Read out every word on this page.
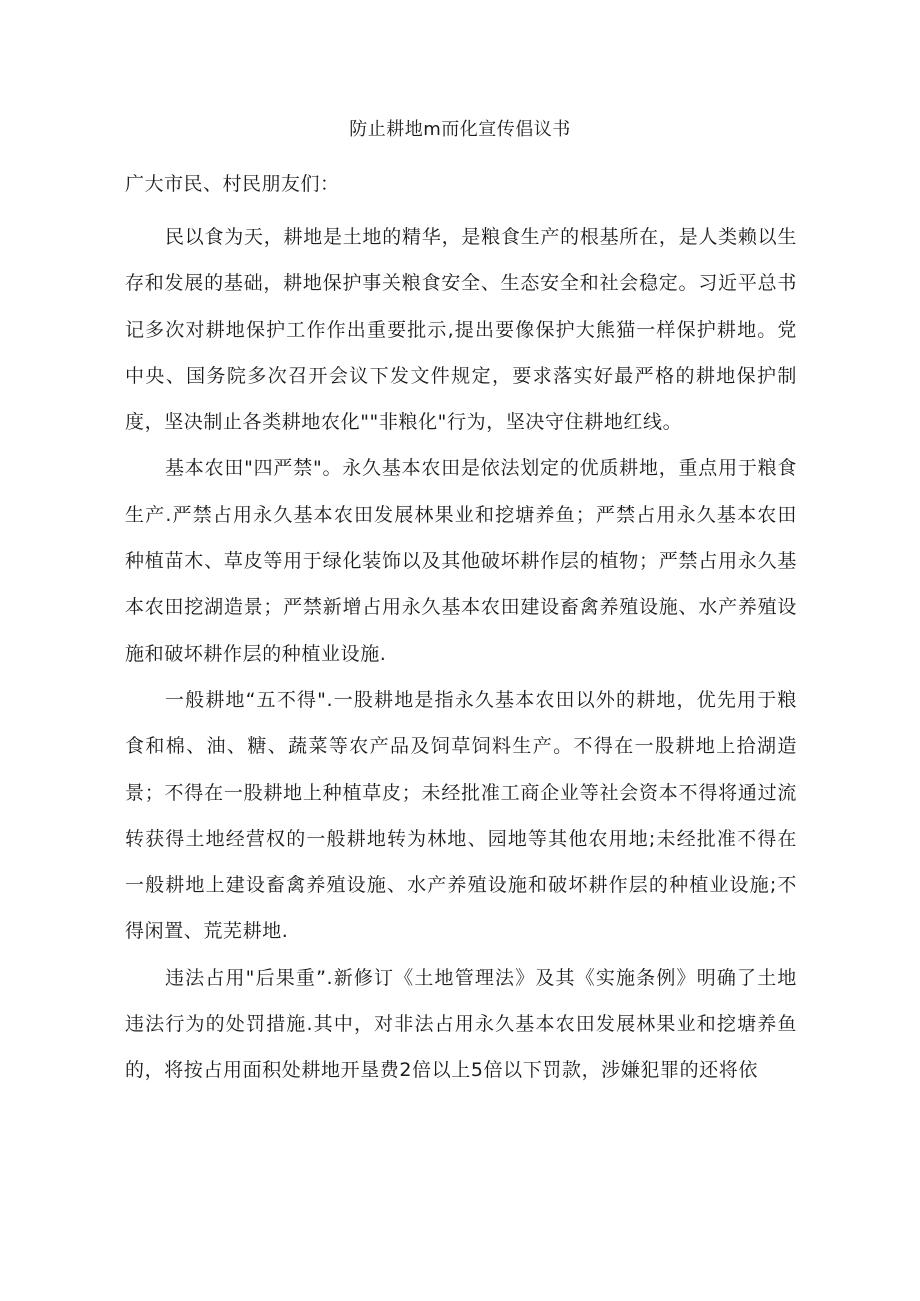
防止耕地m而化宣传倡议书

广大市民、村民朋友们：

民以食为天，耕地是土地的精华，是粮食生产的根基所在，是人类赖以生存和发展的基础，耕地保护事关粮食安全、生态安全和社会稳定。习近平总书记多次对耕地保护工作作出重要批示,提出要像保护大熊猫一样保护耕地。党中央、国务院多次召开会议下发文件规定，要求落实好最严格的耕地保护制度，坚决制止各类耕地农化""非粮化"行为，坚决守住耕地红线。

基本农田"四严禁"。永久基本农田是依法划定的优质耕地，重点用于粮食生产.严禁占用永久基本农田发展林果业和挖塘养鱼；严禁占用永久基本农田种植苗木、草皮等用于绿化装饰以及其他破坏耕作层的植物；严禁占用永久基本农田挖湖造景；严禁新增占用永久基本农田建设畜禽养殖设施、水产养殖设施和破坏耕作层的种植业设施.

一般耕地“五不得".一股耕地是指永久基本农田以外的耕地，优先用于粮食和棉、油、糖、蔬菜等农产品及饲草饲料生产。不得在一股耕地上拾湖造景；不得在一股耕地上种植草皮；未经批准工商企业等社会资本不得将通过流转获得土地经营权的一般耕地转为林地、园地等其他农用地;未经批准不得在一般耕地上建设畜禽养殖设施、水产养殖设施和破坏耕作层的种植业设施;不得闲置、荒芜耕地.

违法占用"后果重”.新修订《土地管理法》及其《实施条例》明确了土地违法行为的处罚措施.其中，对非法占用永久基本农田发展林果业和挖塘养鱼的，将按占用面积处耕地开垦费2倍以上5倍以下罚款，涉嫌犯罪的还将依
